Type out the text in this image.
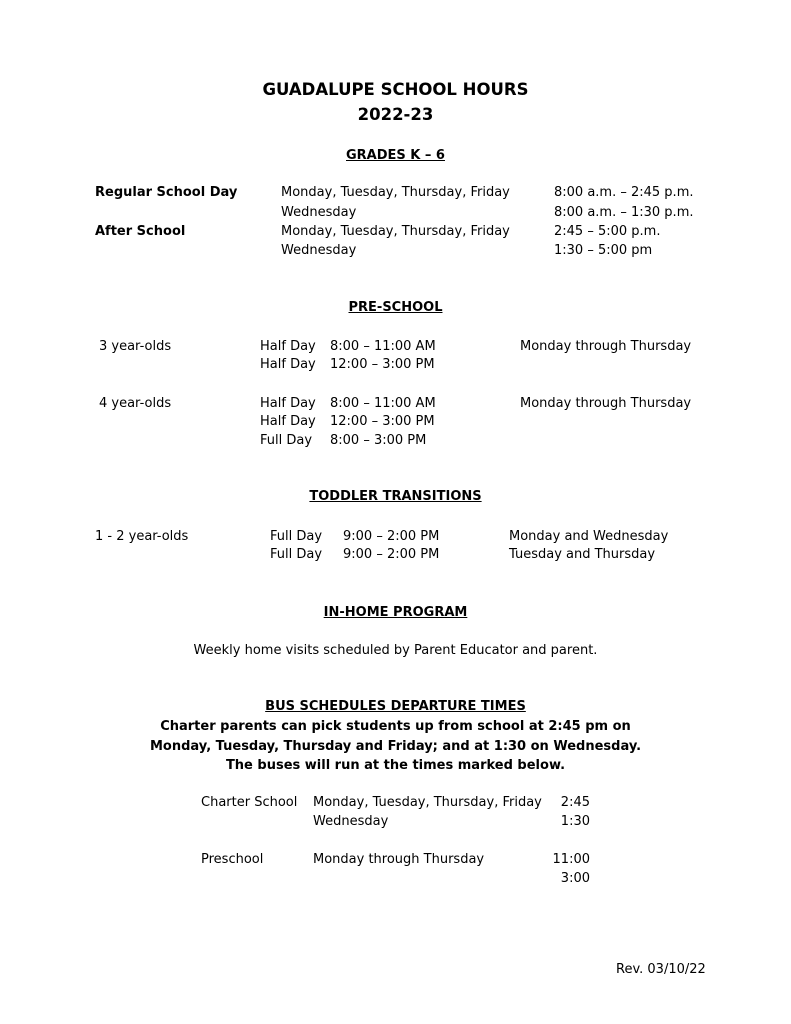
GUADALUPE SCHOOL HOURS
2022-23
GRADES K – 6
Regular School Day	Monday, Tuesday, Thursday, Friday	8:00 a.m. – 2:45 p.m.
Wednesday	8:00 a.m. – 1:30 p.m.
After School	Monday, Tuesday, Thursday, Friday	2:45 – 5:00 p.m.
Wednesday	1:30 – 5:00 pm
PRE-SCHOOL
3 year-olds	Half Day 8:00 – 11:00 AM	Monday through Thursday
Half Day 12:00 – 3:00 PM
4 year-olds	Half Day 8:00 – 11:00 AM	Monday through Thursday
Half Day 12:00 – 3:00 PM
Full Day 8:00 – 3:00 PM
TODDLER TRANSITIONS
1 - 2 year-olds	Full Day 9:00 – 2:00 PM	Monday and Wednesday
Full Day 9:00 – 2:00 PM	Tuesday and Thursday
IN-HOME PROGRAM
Weekly home visits scheduled by Parent Educator and parent.
BUS SCHEDULES DEPARTURE TIMES
Charter parents can pick students up from school at 2:45 pm on
Monday, Tuesday, Thursday and Friday; and at 1:30 on Wednesday.
The buses will run at the times marked below.
Charter School Monday, Tuesday, Thursday, Friday	2:45
Wednesday	1:30
Preschool	Monday through Thursday	11:00
3:00
Rev. 03/10/22
